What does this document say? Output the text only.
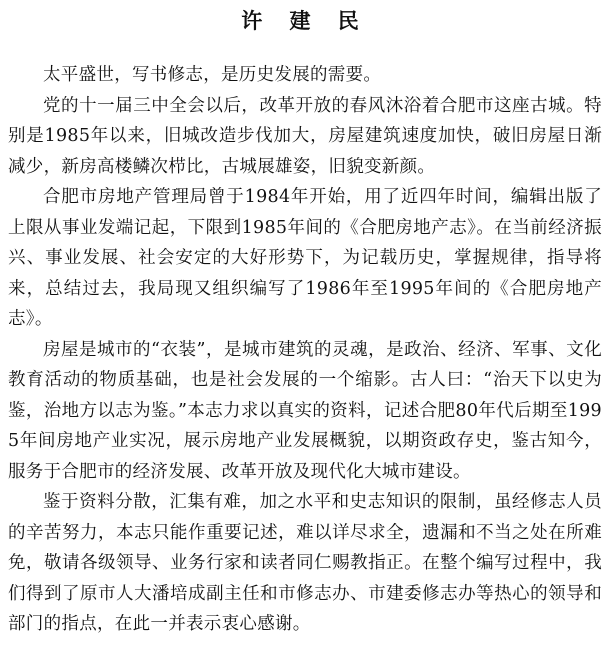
许 建 民

太平盛世，写书修志，是历史发展的需要。

党的十一届三中全会以后，改革开放的春风沐浴着合肥市这座古城。特别是1985年以来，旧城改造步伐加大，房屋建筑速度加快，破旧房屋日渐减少，新房高楼鳞次栉比，古城展雄姿，旧貌变新颜。

合肥市房地产管理局曾于1984年开始，用了近四年时间，编辑出版了上限从事业发端记起，下限到1985年间的《合肥房地产志》。在当前经济振兴、事业发展、社会安定的大好形势下，为记载历史，掌握规律，指导将来，总结过去，我局现又组织编写了1986年至1995年间的《合肥房地产志》。

房屋是城市的“衣装”，是城市建筑的灵魂，是政治、经济、军事、文化教育活动的物质基础，也是社会发展的一个缩影。古人曰：“治天下以史为鉴，治地方以志为鉴。”本志力求以真实的资料，记述合肥80年代后期至1995年间房地产业实况，展示房地产业发展概貌，以期资政存史，鉴古知今，服务于合肥市的经济发展、改革开放及现代化大城市建设。

鉴于资料分散，汇集有难，加之水平和史志知识的限制，虽经修志人员的辛苦努力，本志只能作重要记述，难以详尽求全，遗漏和不当之处在所难免，敬请各级领导、业务行家和读者同仁赐教指正。在整个编写过程中，我们得到了原市人大潘培成副主任和市修志办、市建委修志办等热心的领导和部门的指点，在此一并表示衷心感谢。
